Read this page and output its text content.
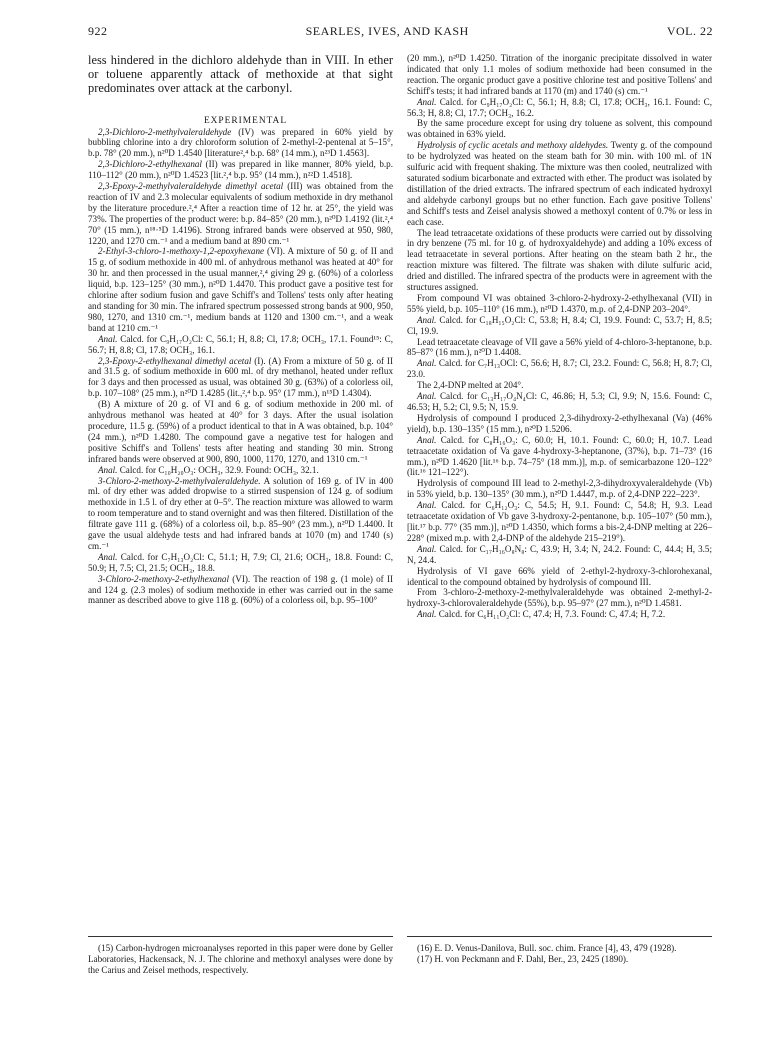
922	SEARLES, IVES, AND KASH	VOL. 22

less hindered in the dichloro aldehyde than in VIII. In ether or toluene apparently attack of methoxide at that sight predominates over attack at the carbonyl.

EXPERIMENTAL

2,3-Dichloro-2-methylvaleraldehyde (IV) was prepared in 60% yield by bubbling chlorine into a dry chloroform solution of 2-methyl-2-pentenal at 5–15°, b.p. 78° (20 mm.), n²⁰D 1.4540 [literature²,⁴ b.p. 68° (14 mm.), n²³D 1.4563].

2,3-Dichloro-2-ethylhexanal (II) was prepared in like manner, 80% yield, b.p. 110–112° (20 mm.), n²⁰D 1.4523 [lit.²,⁴ b.p. 95° (14 mm.), n²²D 1.4518].

2,3-Epoxy-2-methylvaleraldehyde dimethyl acetal (III) was obtained from the reaction of IV and 2.3 molecular equivalents of sodium methoxide in dry methanol by the literature procedure.²,⁴ After a reaction time of 12 hr. at 25°, the yield was 73%. The properties of the product were: b.p. 84–85° (20 mm.), n²⁰D 1.4192 (lit.²,⁴ 70° (15 mm.), n¹⁸·⁵D 1.4196). Strong infrared bands were observed at 950, 980, 1220, and 1270 cm.⁻¹ and a medium band at 890 cm.⁻¹

2-Ethyl-3-chloro-1-methoxy-1,2-epoxyhexane (VI). A mixture of 50 g. of II and 15 g. of sodium methoxide in 400 ml. of anhydrous methanol was heated at 40° for 30 hr. and then processed in the usual manner,²,⁴ giving 29 g. (60%) of a colorless liquid, b.p. 123–125° (30 mm.), n²⁰D 1.4470. This product gave a positive test for chlorine after sodium fusion and gave Schiff's and Tollens' tests only after heating and standing for 30 min. The infrared spectrum possessed strong bands at 900, 950, 980, 1270, and 1310 cm.⁻¹, medium bands at 1120 and 1300 cm.⁻¹, and a weak band at 1210 cm.⁻¹

Anal. Calcd. for C₉H₁₇O₂Cl: C, 56.1; H, 8.8; Cl, 17.8; OCH₃, 17.1. Found¹⁵: C, 56.7; H, 8.8; Cl, 17.8; OCH₃, 16.1.

2,3-Epoxy-2-ethylhexanal dimethyl acetal (I). (A) From a mixture of 50 g. of II and 31.5 g. of sodium methoxide in 600 ml. of dry methanol, heated under reflux for 3 days and then processed as usual, was obtained 30 g. (63%) of a colorless oil, b.p. 107–108° (25 mm.), n²⁰D 1.4285 (lit.,²,⁴ b.p. 95° (17 mm.), n¹⁵D 1.4304).

(B) A mixture of 20 g. of VI and 6 g. of sodium methoxide in 200 ml. of anhydrous methanol was heated at 40° for 3 days. After the usual isolation procedure, 11.5 g. (59%) of a product identical to that in A was obtained, b.p. 104° (24 mm.), n²⁰D 1.4280. The compound gave a negative test for halogen and positive Schiff's and Tollens' tests after heating and standing 30 min. Strong infrared bands were observed at 900, 890, 1000, 1170, 1270, and 1310 cm.⁻¹

Anal. Calcd. for C₁₀H₂₀O₃: OCH₃, 32.9. Found: OCH₃, 32.1.

3-Chloro-2-methoxy-2-methylvaleraldehyde. A solution of 169 g. of IV in 400 ml. of dry ether was added dropwise to a stirred suspension of 124 g. of sodium methoxide in 1.5 l. of dry ether at 0–5°. The reaction mixture was allowed to warm to room temperature and to stand overnight and was then filtered. Distillation of the filtrate gave 111 g. (68%) of a colorless oil, b.p. 85–90° (23 mm.), n²⁰D 1.4400. It gave the usual aldehyde tests and had infrared bands at 1070 (m) and 1740 (s) cm.⁻¹

Anal. Calcd. for C₇H₁₃O₂Cl: C, 51.1; H, 7.9; Cl, 21.6; OCH₃, 18.8. Found: C, 50.9; H, 7.5; Cl, 21.5; OCH₃, 18.8.

3-Chloro-2-methoxy-2-ethylhexanal (VI). The reaction of 198 g. (1 mole) of II and 124 g. (2.3 moles) of sodium methoxide in ether was carried out in the same manner as described above to give 118 g. (60%) of a colorless oil, b.p. 95–100°

(20 mm.), n²⁰D 1.4250. Titration of the inorganic precipitate dissolved in water indicated that only 1.1 moles of sodium methoxide had been consumed in the reaction. The organic product gave a positive chlorine test and positive Tollens' and Schiff's tests; it had infrared bands at 1170 (m) and 1740 (s) cm.⁻¹

Anal. Calcd. for C₉H₁₇O₂Cl: C, 56.1; H, 8.8; Cl, 17.8; OCH₃, 16.1. Found: C, 56.3; H, 8.8; Cl, 17.7; OCH₃, 16.2.

By the same procedure except for using dry toluene as solvent, this compound was obtained in 63% yield.

Hydrolysis of cyclic acetals and methoxy aldehydes. Twenty g. of the compound to be hydrolyzed was heated on the steam bath for 30 min. with 100 ml. of 1N sulfuric acid with frequent shaking. The mixture was then cooled, neutralized with saturated sodium bicarbonate and extracted with ether. The product was isolated by distillation of the dried extracts. The infrared spectrum of each indicated hydroxyl and aldehyde carbonyl groups but no ether function. Each gave positive Tollens' and Schiff's tests and Zeisel analysis showed a methoxyl content of 0.7% or less in each case.

The lead tetraacetate oxidations of these products were carried out by dissolving in dry benzene (75 ml. for 10 g. of hydroxyaldehyde) and adding a 10% excess of lead tetraacetate in several portions. After heating on the steam bath 2 hr., the reaction mixture was filtered. The filtrate was shaken with dilute sulfuric acid, dried and distilled. The infrared spectra of the products were in agreement with the structures assigned.

From compound VI was obtained 3-chloro-2-hydroxy-2-ethylhexanal (VII) in 55% yield, b.p. 105–110° (16 mm.), n²⁰D 1.4370, m.p. of 2,4-DNP 203–204°.

Anal. Calcd. for C₁₈H₁₅O₂Cl: C, 53.8; H, 8.4; Cl, 19.9. Found: C, 53.7; H, 8.5; Cl, 19.9.

Lead tetraacetate cleavage of VII gave a 56% yield of 4-chloro-3-heptanone, b.p. 85–87° (16 mm.), n²⁰D 1.4408.

Anal. Calcd. for C₇H₁₃OCl: C, 56.6; H, 8.7; Cl, 23.2. Found: C, 56.8; H, 8.7; Cl, 23.0.

The 2,4-DNP melted at 204°.

Anal. Calcd. for C₁₃H₁₇O₄N₄Cl: C, 46.86; H, 5.3; Cl, 9.9; N, 15.6. Found: C, 46.53; H, 5.2; Cl, 9.5; N, 15.9.

Hydrolysis of compound I produced 2,3-dihydroxy-2-ethylhexanal (Va) (46% yield), b.p. 130–135° (15 mm.), n²⁰D 1.5206.

Anal. Calcd. for C₈H₁₆O₃: C, 60.0; H, 10.1. Found: C, 60.0; H, 10.7. Lead tetraacetate oxidation of Va gave 4-hydroxy-3-heptanone, (37%), b.p. 71–73° (16 mm.), n²⁰D 1.4620 [lit.¹⁶ b.p. 74–75° (18 mm.)], m.p. of semicarbazone 120–122° (lit.¹⁶ 121–122°).

Hydrolysis of compound III lead to 2-methyl-2,3-dihydroxyvaleraldehyde (Vb) in 53% yield, b.p. 130–135° (30 mm.), n²⁰D 1.4447, m.p. of 2,4-DNP 222–223°.

Anal. Calcd. for C₆H₁₂O₃: C, 54.5; H, 9.1. Found: C, 54.8; H, 9.3. Lead tetraacetate oxidation of Vb gave 3-hydroxy-2-pentanone, b.p. 105–107° (50 mm.), [lit.¹⁷ b.p. 77° (35 mm.)], n²⁰D 1.4350, which forms a bis-2,4-DNP melting at 226–228° (mixed m.p. with 2,4-DNP of the aldehyde 215–219°).

Anal. Calcd. for C₁₇H₁₆O₈N₈: C, 43.9; H, 3.4; N, 24.2. Found: C, 44.4; H, 3.5; N, 24.4.

Hydrolysis of VI gave 66% yield of 2-ethyl-2-hydroxy-3-chlorohexanal, identical to the compound obtained by hydrolysis of compound III.

From 3-chloro-2-methoxy-2-methylvaleraldehyde was obtained 2-methyl-2-hydroxy-3-chlorovaleraldehyde (55%), b.p. 95–97° (27 mm.), n²⁰D 1.4581.

Anal. Calcd. for C₆H₁₁O₂Cl: C, 47.4; H, 7.3. Found: C, 47.4; H, 7.2.

(15) Carbon-hydrogen microanalyses reported in this paper were done by Geller Laboratories, Hackensack, N. J. The chlorine and methoxyl analyses were done by the Carius and Zeisel methods, respectively.

(16) E. D. Venus-Danilova, Bull. soc. chim. France [4], 43, 479 (1928).

(17) H. von Peckmann and F. Dahl, Ber., 23, 2425 (1890).
